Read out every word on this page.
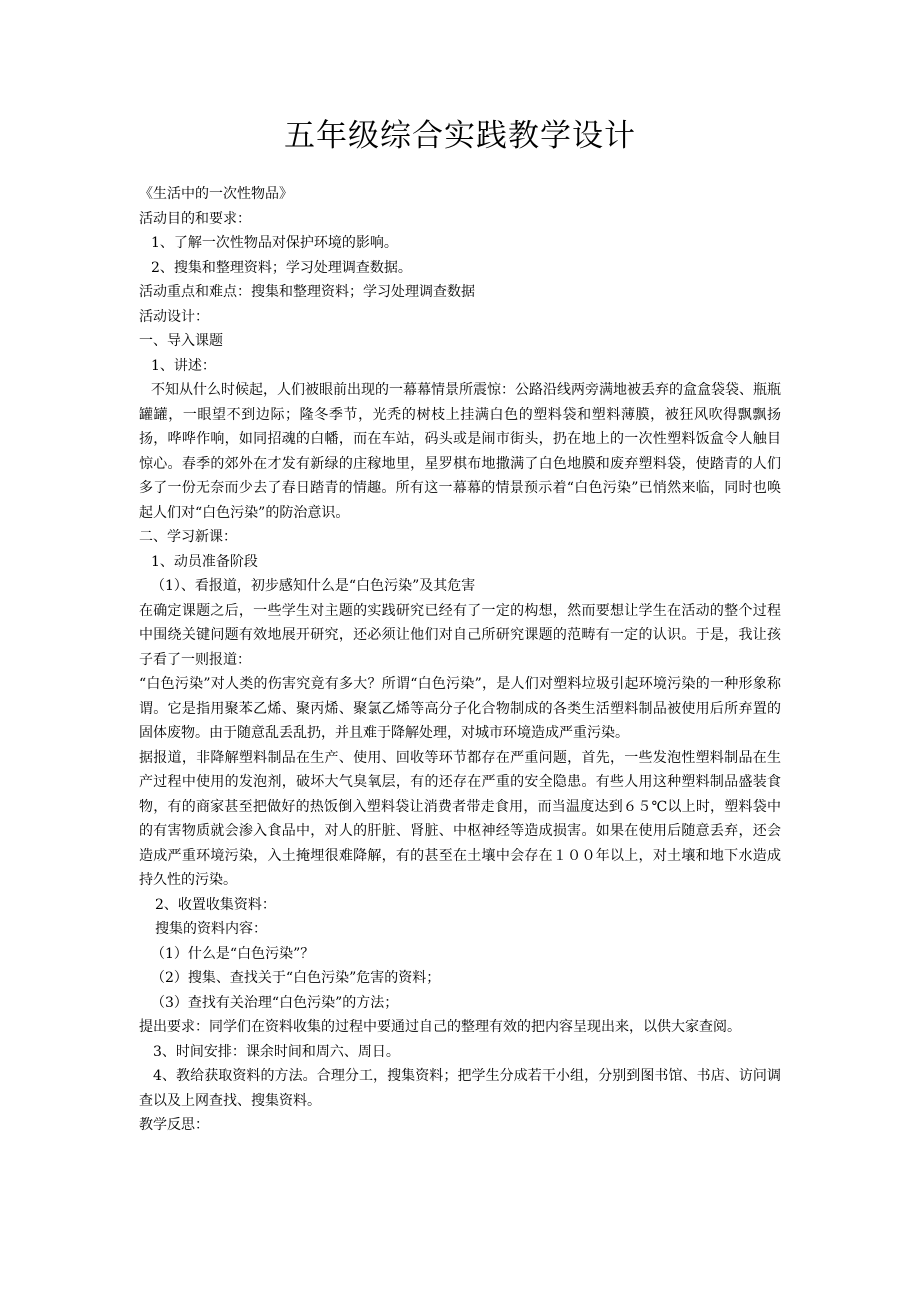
五年级综合实践教学设计

《生活中的一次性物品》

活动目的和要求：

1、了解一次性物品对保护环境的影响。

2、搜集和整理资料；学习处理调查数据。

活动重点和难点：搜集和整理资料；学习处理调查数据

活动设计：

一、导入课题

1、讲述：

不知从什么时候起，人们被眼前出现的一幕幕情景所震惊：公路沿线两旁满地被丢弃的盒盒袋袋、瓶瓶罐罐，一眼望不到边际；隆冬季节，光秃的树枝上挂满白色的塑料袋和塑料薄膜，被狂风吹得飘飘扬扬，哗哗作响，如同招魂的白幡，而在车站，码头或是闹市街头，扔在地上的一次性塑料饭盒令人触目惊心。春季的郊外在才发有新绿的庄稼地里，星罗棋布地撒满了白色地膜和废弃塑料袋，使踏青的人们多了一份无奈而少去了春日踏青的情趣。所有这一幕幕的情景预示着“白色污染”已悄然来临，同时也唤起人们对“白色污染”的防治意识。

二、学习新课：

1、动员准备阶段

（1）、看报道，初步感知什么是“白色污染”及其危害

在确定课题之后，一些学生对主题的实践研究已经有了一定的构想，然而要想让学生在活动的整个过程中围绕关键问题有效地展开研究，还必须让他们对自己所研究课题的范畴有一定的认识。于是，我让孩子看了一则报道：

“白色污染”对人类的伤害究竟有多大？所谓“白色污染”，是人们对塑料垃圾引起环境污染的一种形象称谓。它是指用聚苯乙烯、聚丙烯、聚氯乙烯等高分子化合物制成的各类生活塑料制品被使用后所弃置的固体废物。由于随意乱丢乱扔，并且难于降解处理，对城市环境造成严重污染。

据报道，非降解塑料制品在生产、使用、回收等环节都存在严重问题，首先，一些发泡性塑料制品在生产过程中使用的发泡剂，破坏大气臭氧层，有的还存在严重的安全隐患。有些人用这种塑料制品盛装食物，有的商家甚至把做好的热饭倒入塑料袋让消费者带走食用，而当温度达到６５℃以上时，塑料袋中的有害物质就会渗入食品中，对人的肝脏、肾脏、中枢神经等造成损害。如果在使用后随意丢弃，还会造成严重环境污染，入土掩埋很难降解，有的甚至在土壤中会存在１００年以上，对土壤和地下水造成持久性的污染。

2、收置收集资料：

搜集的资料内容：

（1）什么是“白色污染”？

（2）搜集、查找关于“白色污染”危害的资料；

（3）查找有关治理“白色污染”的方法；

提出要求：同学们在资料收集的过程中要通过自己的整理有效的把内容呈现出来，以供大家查阅。

3、时间安排：课余时间和周六、周日。

4、教给获取资料的方法。合理分工，搜集资料；把学生分成若干小组，分别到图书馆、书店、访问调查以及上网查找、搜集资料。

教学反思：
